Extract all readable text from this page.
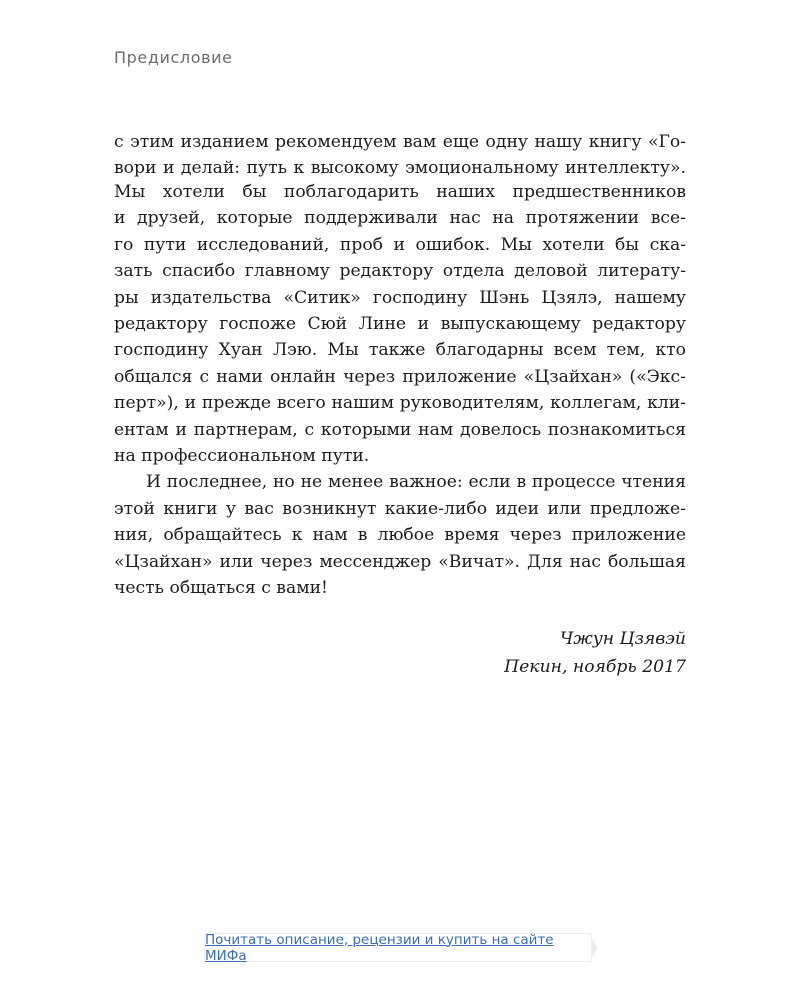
Предисловие
с этим изданием рекомендуем вам еще одну нашу книгу «Го-
вори и делай: путь к высокому эмоциональному интеллекту».
Мы хотели бы поблагодарить наших предшественников
и друзей, которые поддерживали нас на протяжении все-
го пути исследований, проб и ошибок. Мы хотели бы ска-
зать спасибо главному редактору отдела деловой литерату-
ры издательства «Ситик» господину Шэнь Цзялэ, нашему
редактору госпоже Сюй Лине и выпускающему редактору
господину Хуан Лэю. Мы также благодарны всем тем, кто
общался с нами онлайн через приложение «Цзайхан» («Экс-
перт»), и прежде всего нашим руководителям, коллегам, кли-
ентам и партнерам, с которыми нам довелось познакомиться
на профессиональном пути.
И последнее, но не менее важное: если в процессе чтения
этой книги у вас возникнут какие-либо идеи или предложе-
ния, обращайтесь к нам в любое время через приложение
«Цзайхан» или через мессенджер «Вичат». Для нас большая
честь общаться с вами!
Чжун Цзявэй
Пекин, ноябрь 2017
Почитать описание, рецензии и купить на сайте МИФа
